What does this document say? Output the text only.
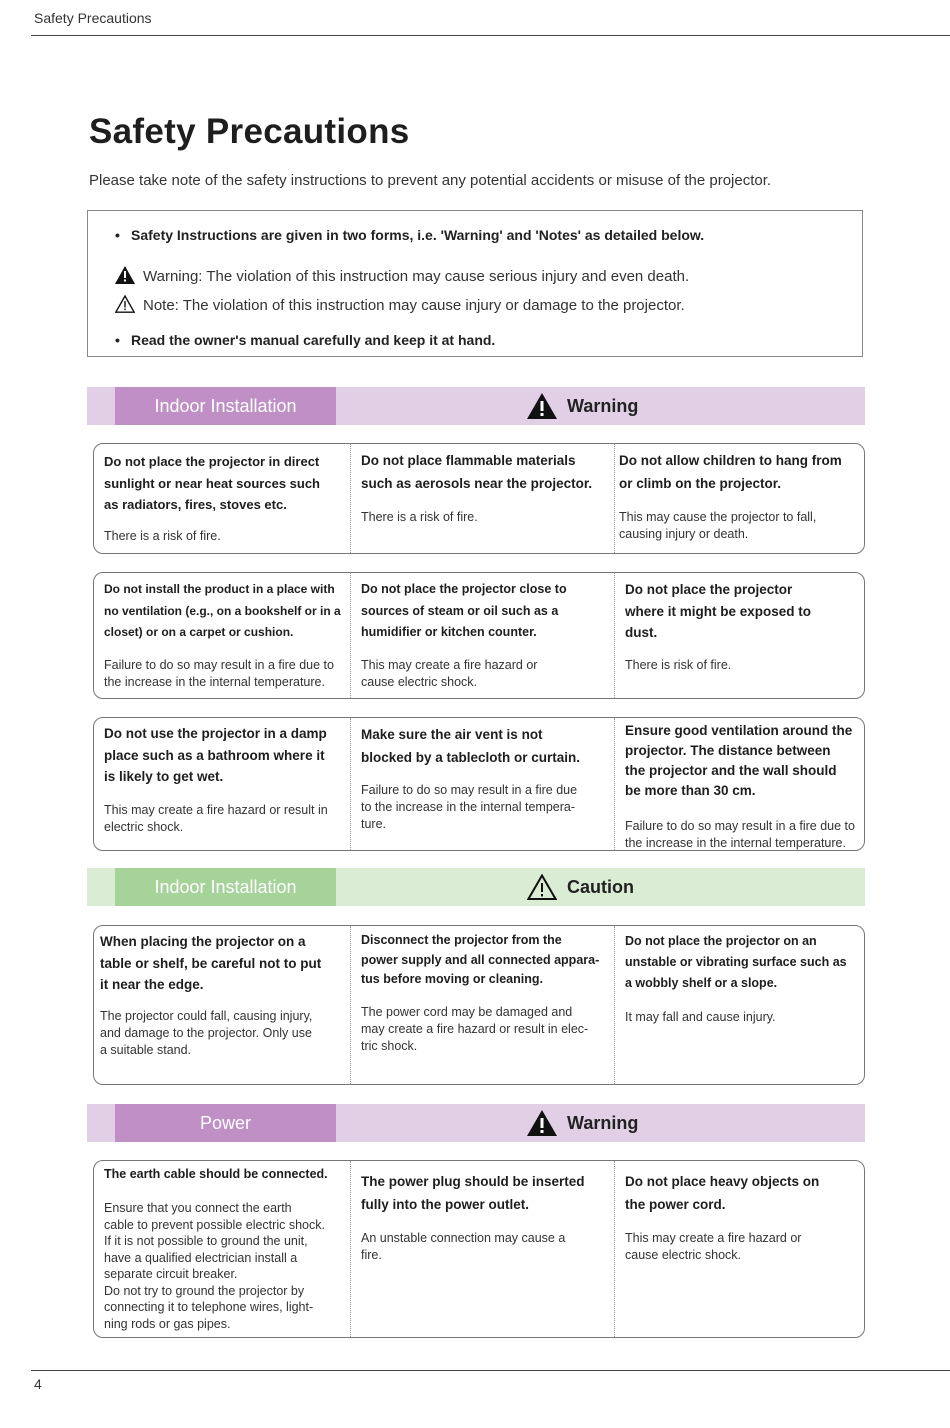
Safety Precautions
Safety Precautions
Please take note of the safety instructions to prevent any potential accidents or misuse of the projector.
• Safety Instructions are given in two forms, i.e. 'Warning' and 'Notes' as detailed below.
Warning: The violation of this instruction may cause serious injury and even death.
Note: The violation of this instruction may cause injury or damage to the projector.
• Read the owner's manual carefully and keep it at hand.
Indoor Installation	Warning
Do not place the projector in direct
sunlight or near heat sources such
as radiators, fires, stoves etc.
There is a risk of fire.
Do not place flammable materials
such as aerosols near the projector.
There is a risk of fire.
Do not allow children to hang from
or climb on the projector.
This may cause the projector to fall,
causing injury or death.
Do not install the product in a place with
no ventilation (e.g., on a bookshelf or in a
closet) or on a carpet or cushion.
Failure to do so may result in a fire due to
the increase in the internal temperature.
Do not place the projector close to
sources of steam or oil such as a
humidifier or kitchen counter.
This may create a fire hazard or
cause electric shock.
Do not place the projector
where it might be exposed to
dust.
There is risk of fire.
Do not use the projector in a damp
place such as a bathroom where it
is likely to get wet.
This may create a fire hazard or result in
electric shock.
Make sure the air vent is not
blocked by a tablecloth or curtain.
Failure to do so may result in a fire due
to the increase in the internal tempera-
ture.
Ensure good ventilation around the
projector. The distance between
the projector and the wall should
be more than 30 cm.
Failure to do so may result in a fire due to
the increase in the internal temperature.
Indoor Installation	Caution
When placing the projector on a
table or shelf, be careful not to put
it near the edge.
The projector could fall, causing injury,
and damage to the projector. Only use
a suitable stand.
Disconnect the projector from the
power supply and all connected appara-
tus before moving or cleaning.
The power cord may be damaged and
may create a fire hazard or result in elec-
tric shock.
Do not place the projector on an
unstable or vibrating surface such as
a wobbly shelf or a slope.
It may fall and cause injury.
Power	Warning
The earth cable should be connected.
Ensure that you connect the earth
cable to prevent possible electric shock.
If it is not possible to ground the unit,
have a qualified electrician install a
separate circuit breaker.
Do not try to ground the projector by
connecting it to telephone wires, light-
ning rods or gas pipes.
The power plug should be inserted
fully into the power outlet.
An unstable connection may cause a
fire.
Do not place heavy objects on
the power cord.
This may create a fire hazard or
cause electric shock.
4
